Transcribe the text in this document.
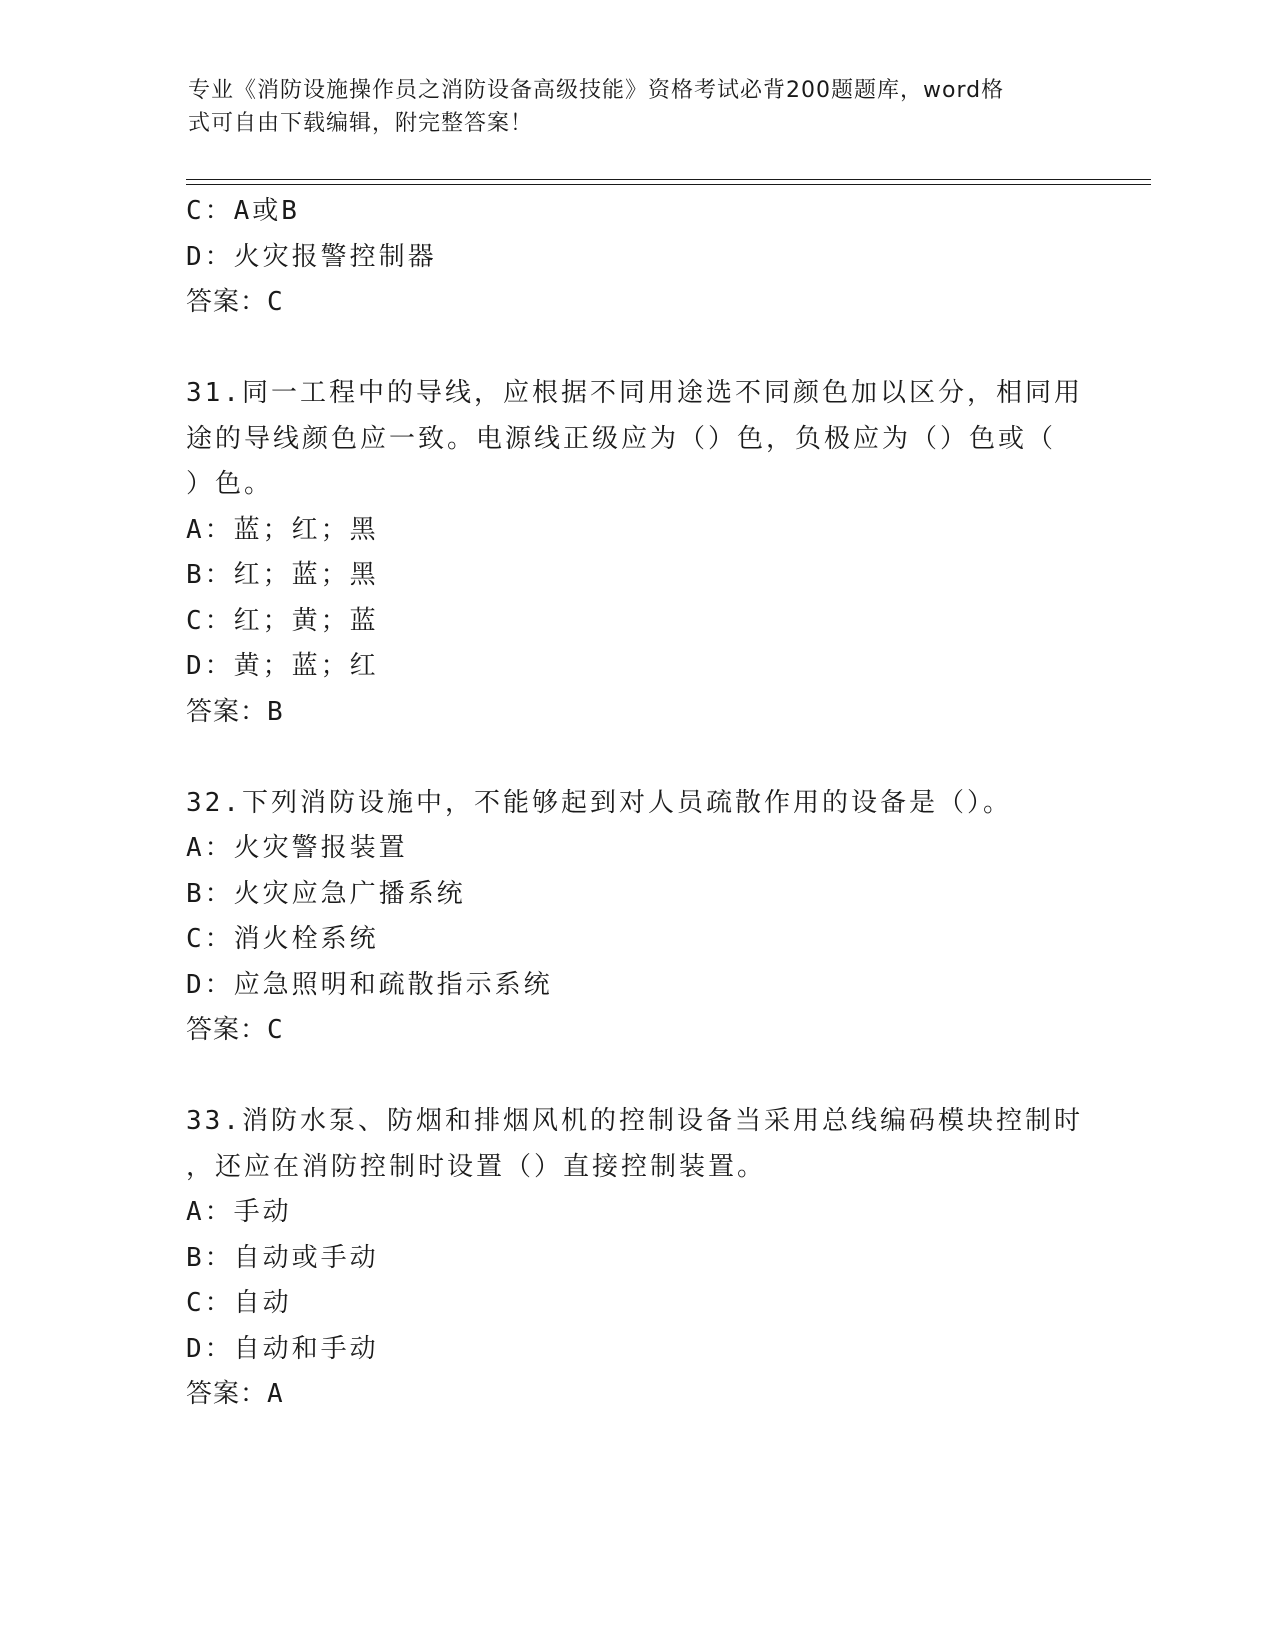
专业《消防设施操作员之消防设备高级技能》资格考试必背200题题库，word格
式可自由下载编辑，附完整答案！
C：A或B
D：火灾报警控制器
答案：C
31.同一工程中的导线，应根据不同用途选不同颜色加以区分，相同用
途的导线颜色应一致。电源线正级应为（）色，负极应为（）色或（
）色。
A：蓝；红；黑
B：红；蓝；黑
C：红；黄；蓝
D：黄；蓝；红
答案：B
32.下列消防设施中，不能够起到对人员疏散作用的设备是（）。
A：火灾警报装置
B：火灾应急广播系统
C：消火栓系统
D：应急照明和疏散指示系统
答案：C
33.消防水泵、防烟和排烟风机的控制设备当采用总线编码模块控制时
，还应在消防控制时设置（）直接控制装置。
A：手动
B：自动或手动
C：自动
D：自动和手动
答案：A
